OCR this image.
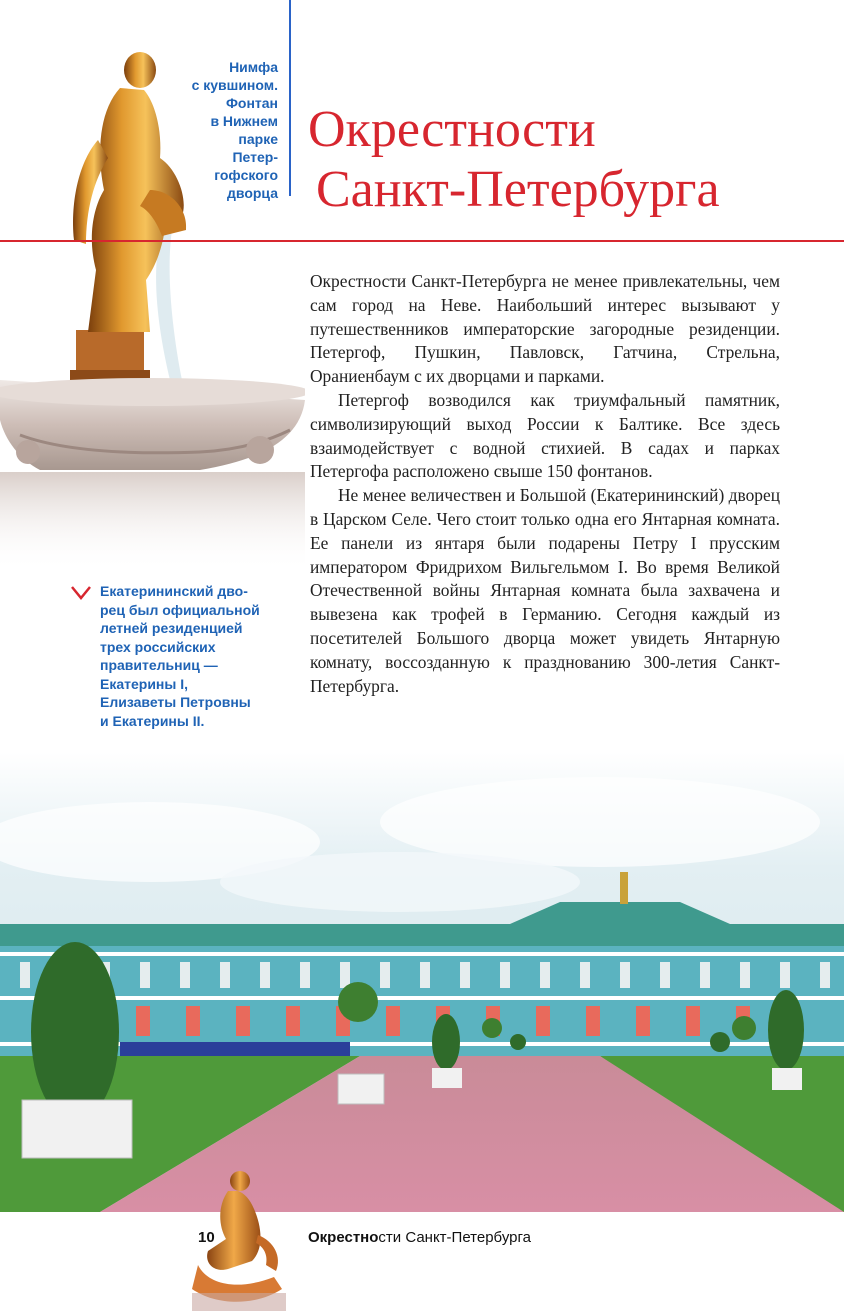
Нимфа
с кувшином.
Фонтан
в Нижнем
парке
Петер-
гофского
дворца
Окрестности
Санкт-Петербурга

Окрестности Санкт-Петербурга не менее привлекательны, чем сам город на Неве. Наибольший интерес вызывают у путешественников императорские загородные резиденции. Петергоф, Пушкин, Павловск, Гатчина, Стрельна, Ораниенбаум с их дворцами и парками.

Петергоф возводился как триумфальный памятник, символизирующий выход России к Балтике. Все здесь взаимодействует с водной стихией. В садах и парках Петергофа расположено свыше 150 фонтанов.

Не менее величествен и Большой (Екатерининский) дворец в Царском Селе. Чего стоит только одна его Янтарная комната. Ее панели из янтаря были подарены Петру I прусским императором Фридрихом Вильгельмом I. Во время Великой Отечественной войны Янтарная комната была захвачена и вывезена как трофей в Германию. Сегодня каждый из посетителей Большого дворца может увидеть Янтарную комнату, воссозданную к празднованию 300-летия Санкт-Петербурга.

Екатерининский дво-
рец был официальной
летней резиденцией
трех российских
правительниц —
Екатерины I,
Елизаветы Петровны
и Екатерины II.
10	Окрестности Санкт-Петербурга
